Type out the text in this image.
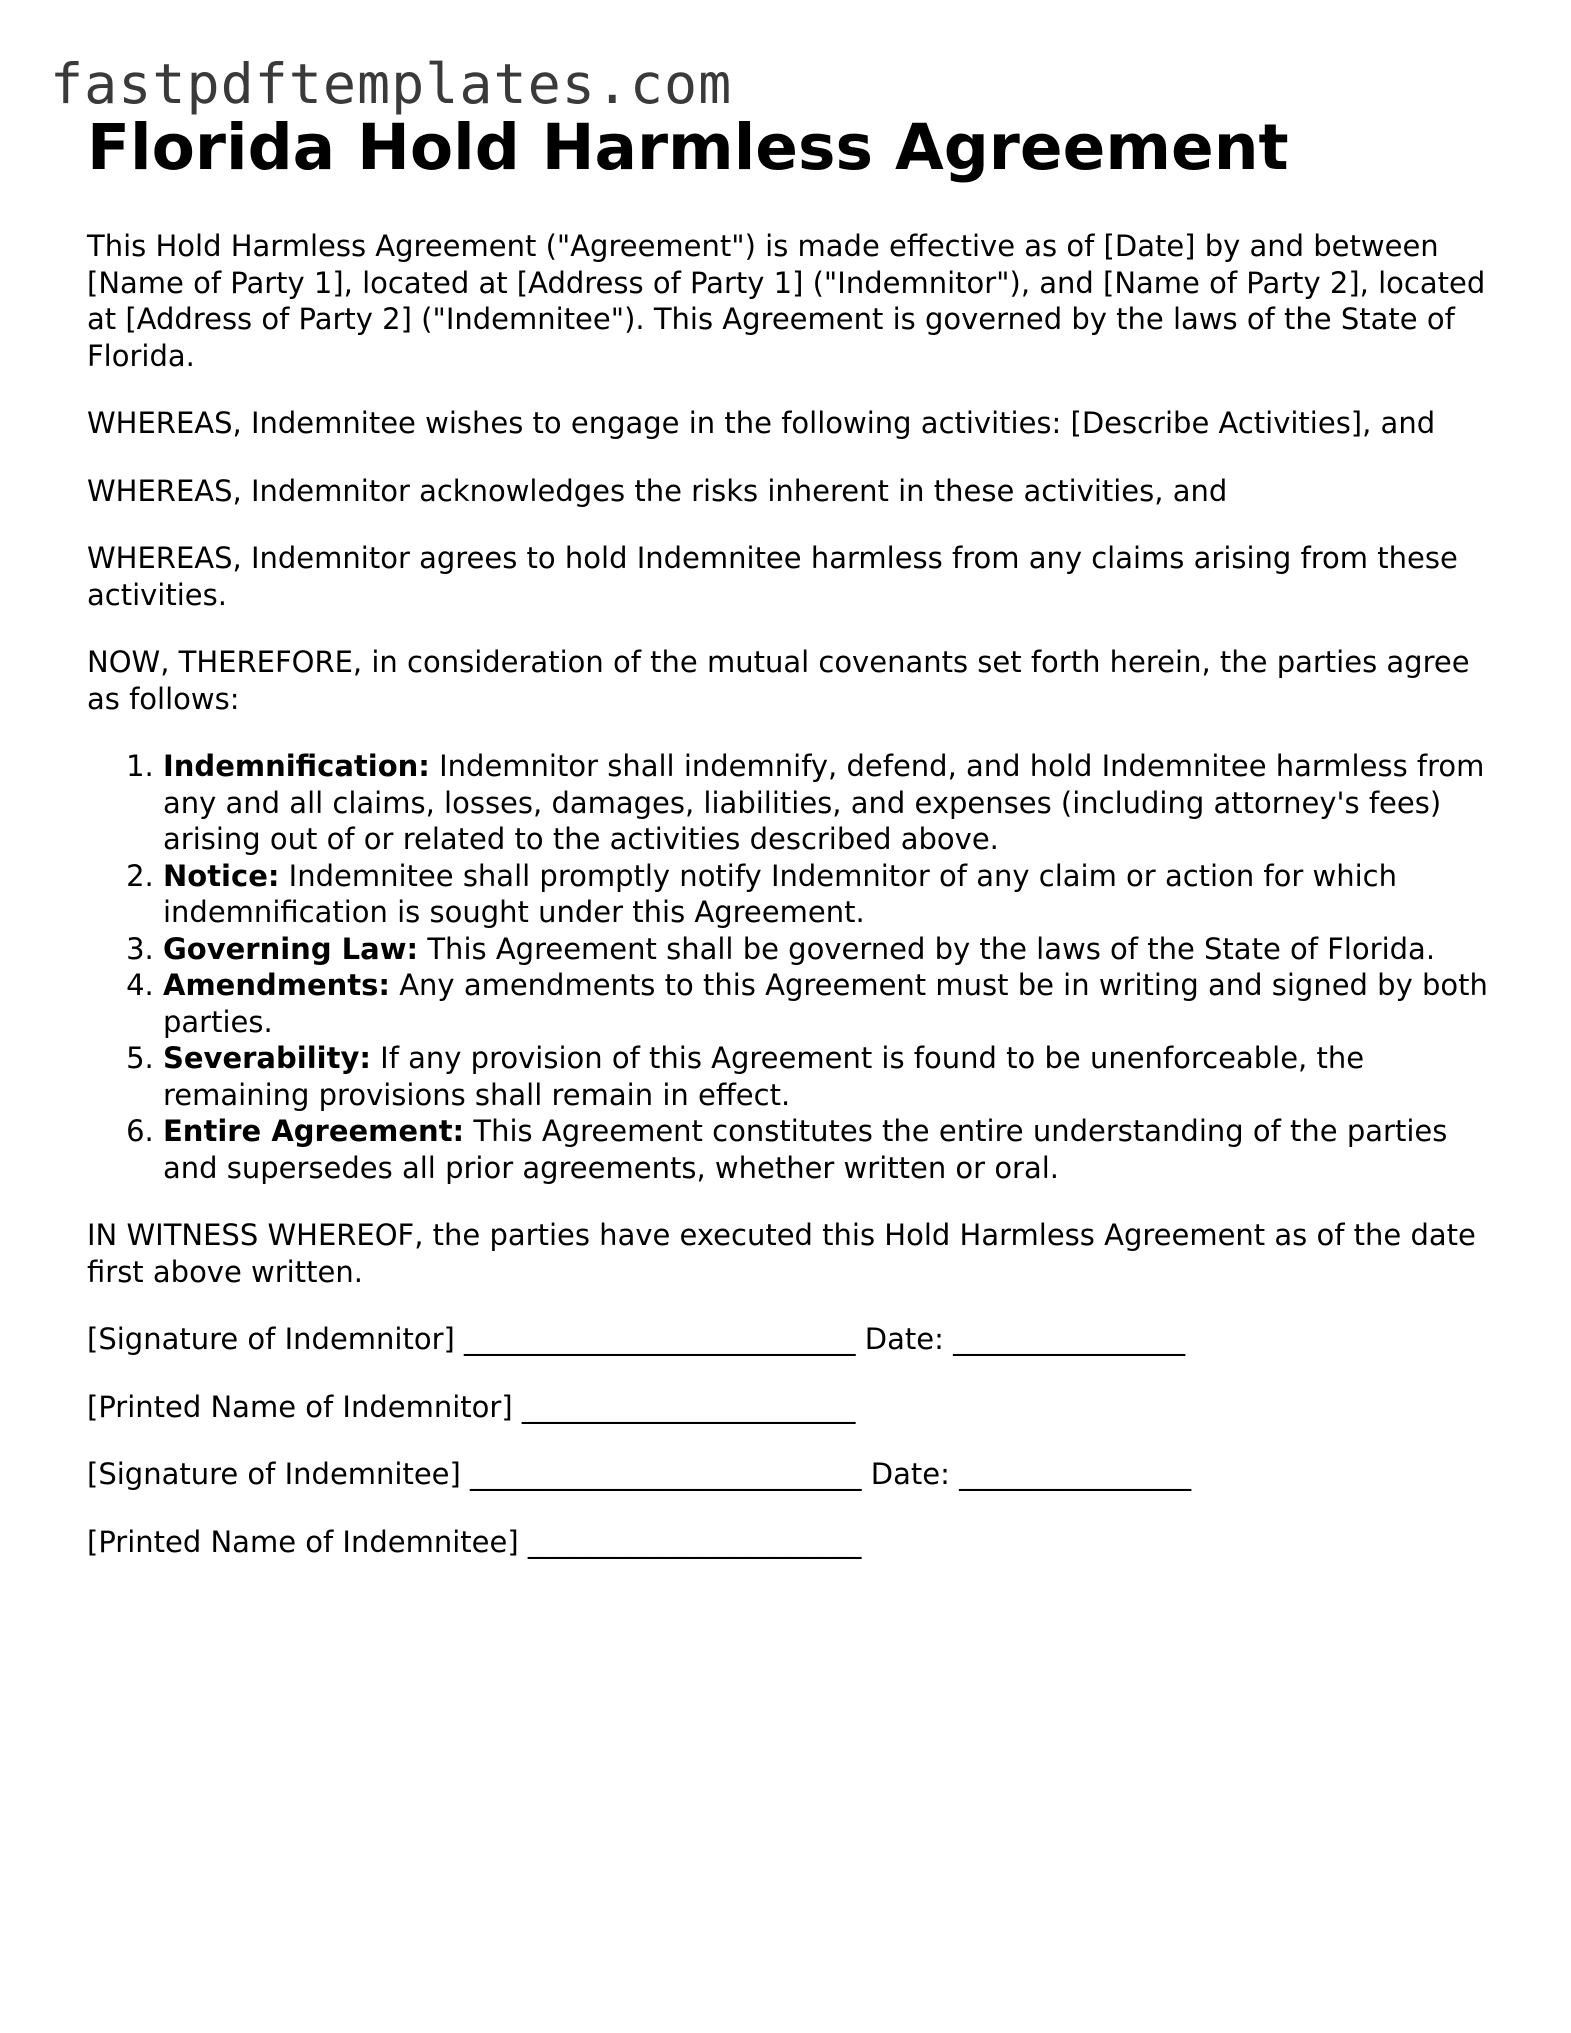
fastpdftemplates.com
Florida Hold Harmless Agreement

This Hold Harmless Agreement ("Agreement") is made effective as of [Date] by and between [Name of Party 1], located at [Address of Party 1] ("Indemnitor"), and [Name of Party 2], located at [Address of Party 2] ("Indemnitee"). This Agreement is governed by the laws of the State of Florida.

WHEREAS, Indemnitee wishes to engage in the following activities: [Describe Activities], and

WHEREAS, Indemnitor acknowledges the risks inherent in these activities, and

WHEREAS, Indemnitor agrees to hold Indemnitee harmless from any claims arising from these activities.

NOW, THEREFORE, in consideration of the mutual covenants set forth herein, the parties agree as follows:

1. Indemnification: Indemnitor shall indemnify, defend, and hold Indemnitee harmless from any and all claims, losses, damages, liabilities, and expenses (including attorney's fees) arising out of or related to the activities described above.
2. Notice: Indemnitee shall promptly notify Indemnitor of any claim or action for which indemnification is sought under this Agreement.
3. Governing Law: This Agreement shall be governed by the laws of the State of Florida.
4. Amendments: Any amendments to this Agreement must be in writing and signed by both parties.
5. Severability: If any provision of this Agreement is found to be unenforceable, the remaining provisions shall remain in effect.
6. Entire Agreement: This Agreement constitutes the entire understanding of the parties and supersedes all prior agreements, whether written or oral.

IN WITNESS WHEREOF, the parties have executed this Hold Harmless Agreement as of the date first above written.

[Signature of Indemnitor] ___________________________ Date: ________________

[Printed Name of Indemnitor] _______________________

[Signature of Indemnitee] ___________________________ Date: ________________

[Printed Name of Indemnitee] _______________________
